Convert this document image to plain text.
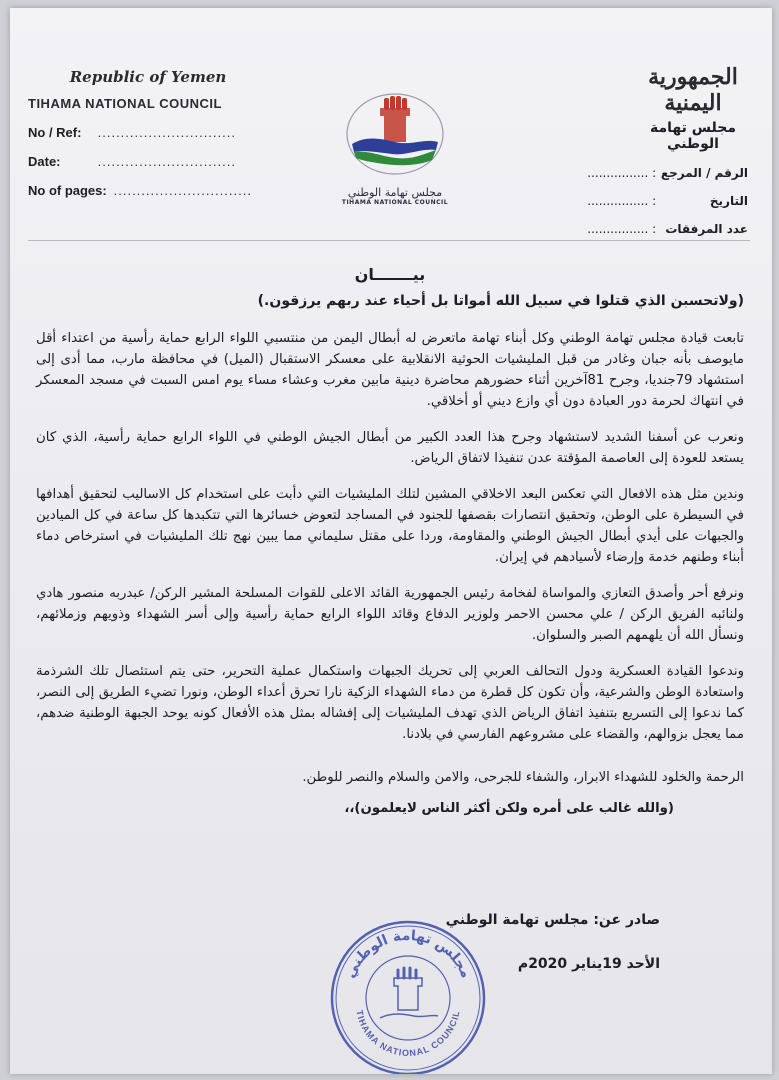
Republic of Yemen
TIHAMA NATIONAL COUNCIL
No / Ref: ..............................
Date:	..............................
No of pages: ..............................	مجلس تهامة الوطني
TIHAMA NATIONAL COUNCIL
الجمهورية اليمنية
مجلس تهامة الوطني
الرقم / المرجع : ................
التاريخ : ................
عدد المرفقات : ................
بيـــــــان
(ولاتحسبن الذي قتلوا في سبيل الله أمواتا بل أحياء عند ربهم يرزقون.)

تابعت قيادة مجلس تهامة الوطني وكل أبناء تهامة ماتعرض له أبطال اليمن من منتسبي اللواء الرابع حماية رأسية من اعتداء أقل مايوصف بأنه جبان وغادر من قبل المليشيات الحوثية الانقلابية على معسكر الاستقبال (الميل) في محافظة مارب، مما أدى إلى استشهاد 79جنديا، وجرح 81آخرين أثناء حضورهم محاضرة دينية مابين مغرب وعشاء مساء يوم امس السبت في مسجد المعسكر في انتهاك لحرمة دور العبادة دون أي وازع ديني أو أخلاقي.

ونعرب عن أسفنا الشديد لاستشهاد وجرح هذا العدد الكبير من أبطال الجيش الوطني في اللواء الرابع حماية رأسية، الذي كان يستعد للعودة إلى العاصمة المؤقتة عدن تنفيذا لاتفاق الرياض.

وندين مثل هذه الافعال التي تعكس البعد الاخلاقي المشين لتلك المليشيات التي دأبت على استخدام كل الاساليب لتحقيق أهدافها في السيطرة على الوطن، وتحقيق انتصارات بقصفها للجنود في المساجد لتعوض خسائرها التي تتكبدها كل ساعة في كل الميادين والجبهات على أيدي أبطال الجيش الوطني والمقاومة، وردا على مقتل سليماني مما يبين نهج تلك المليشيات في استرخاص دماء أبناء وطنهم خدمة وإرضاء لأسيادهم في إيران.

ونرفع أحر وأصدق التعازي والمواساة لفخامة رئيس الجمهورية القائد الاعلى للقوات المسلحة المشير الركن/ عبدربه منصور هادي ولنائبه الفريق الركن / علي محسن الاحمر ولوزير الدفاع وقائد اللواء الرابع حماية رأسية وإلى أسر الشهداء وذويهم وزملائهم، ونسأل الله أن يلهمهم الصبر والسلوان.

وندعوا القيادة العسكرية ودول التحالف العربي إلى تحريك الجبهات واستكمال عملية التحرير، حتى يتم استئصال تلك الشرذمة واستعادة الوطن والشرعية، وأن تكون كل قطرة من دماء الشهداء الزكية نارا تحرق أعداء الوطن، ونورا تضيء الطريق إلى النصر، كما ندعوا إلى التسريع بتنفيذ اتفاق الرياض الذي تهدف المليشيات إلى إفشاله بمثل هذه الأفعال كونه يوحد الجبهة الوطنية ضدهم، مما يعجل بزوالهم، والقضاء على مشروعهم الفارسي في بلادنا.

الرحمة والخلود للشهداء الابرار، والشفاء للجرحى، والامن والسلام والنصر للوطن.

(والله غالب على أمره ولكن أكثر الناس لايعلمون)،،

صادر عن: مجلس تهامة الوطني
الأحد 19يناير 2020م
مجلس تهامة الوطني
TIHAMA NATIONAL COUNCIL
